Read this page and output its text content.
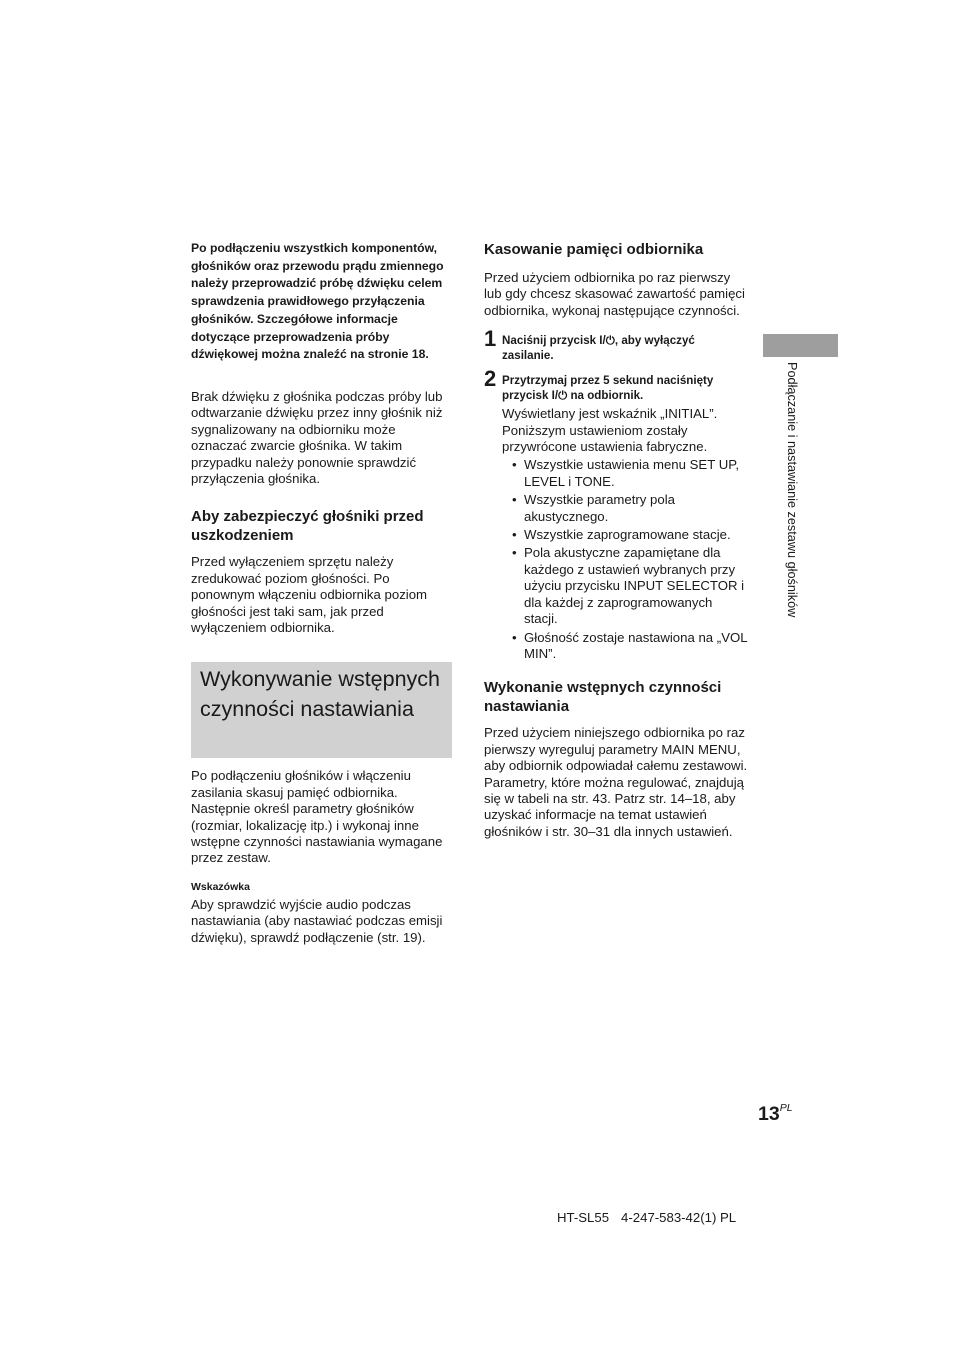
Po podłączeniu wszystkich komponentów, głośników oraz przewodu prądu zmiennego należy przeprowadzić próbę dźwięku celem sprawdzenia prawidłowego przyłączenia głośników. Szczegółowe informacje dotyczące przeprowadzenia próby dźwiękowej można znaleźć na stronie 18.

Brak dźwięku z głośnika podczas próby lub odtwarzanie dźwięku przez inny głośnik niż sygnalizowany na odbiorniku może oznaczać zwarcie głośnika. W takim przypadku należy ponownie sprawdzić przyłączenia głośnika.

Aby zabezpieczyć głośniki przed uszkodzeniem

Przed wyłączeniem sprzętu należy zredukować poziom głośności. Po ponownym włączeniu odbiornika poziom głośności jest taki sam, jak przed wyłączeniem odbiornika.

Wykonywanie wstępnych czynności nastawiania

Po podłączeniu głośników i włączeniu zasilania skasuj pamięć odbiornika. Następnie określ parametry głośników (rozmiar, lokalizację itp.) i wykonaj inne wstępne czynności nastawiania wymagane przez zestaw.

Wskazówka

Aby sprawdzić wyjście audio podczas nastawiania (aby nastawiać podczas emisji dźwięku), sprawdź podłączenie (str. 19).

Kasowanie pamięci odbiornika

Przed użyciem odbiornika po raz pierwszy lub gdy chcesz skasować zawartość pamięci odbiornika, wykonaj następujące czynności.

1 Naciśnij przycisk I/⏻, aby wyłączyć zasilanie.

2 Przytrzymaj przez 5 sekund naciśnięty przycisk I/⏻ na odbiornik.

Wyświetlany jest wskaźnik „INITIAL”. Poniższym ustawieniom zostały przywrócone ustawienia fabryczne.

• Wszystkie ustawienia menu SET UP, LEVEL i TONE.
• Wszystkie parametry pola akustycznego.
• Wszystkie zaprogramowane stacje.
• Pola akustyczne zapamiętane dla każdego z ustawień wybranych przy użyciu przycisku INPUT SELECTOR i dla każdej z zaprogramowanych stacji.
• Głośność zostaje nastawiona na „VOL MIN”.
Wykonanie wstępnych czynności nastawiania

Przed użyciem niniejszego odbiornika po raz pierwszy wyreguluj parametry MAIN MENU, aby odbiornik odpowiadał całemu zestawowi. Parametry, które można regulować, znajdują się w tabeli na str. 43. Patrz str. 14–18, aby uzyskać informacje na temat ustawień głośników i str. 30–31 dla innych ustawień.

Podłączanie i nastawianie zestawu głośników
$13^{PL}$
HT-SL55 4-247-583-42(1) PL
